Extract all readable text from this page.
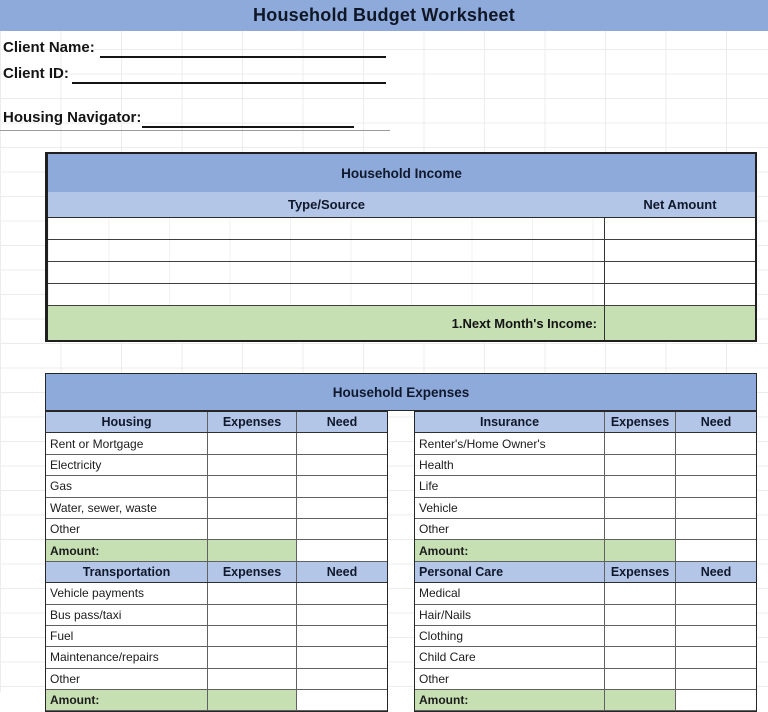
Household Budget Worksheet
Client Name:
Client ID:
Housing Navigator:
Household Income
Type/Source	Net Amount
1.Next Month's Income:
Household Expenses
Housing	Expenses	Need
Rent or Mortgage
Electricity
Gas
Water, sewer, waste
Other
Amount:
Transportation	Expenses	Need
Vehicle payments
Bus pass/taxi
Fuel
Maintenance/repairs
Other
Amount:
Insurance	Expenses	Need
Renter's/Home Owner's
Health
Life
Vehicle
Other
Amount:
Personal Care	Expenses	Need
Medical
Hair/Nails
Clothing
Child Care
Other
Amount:
